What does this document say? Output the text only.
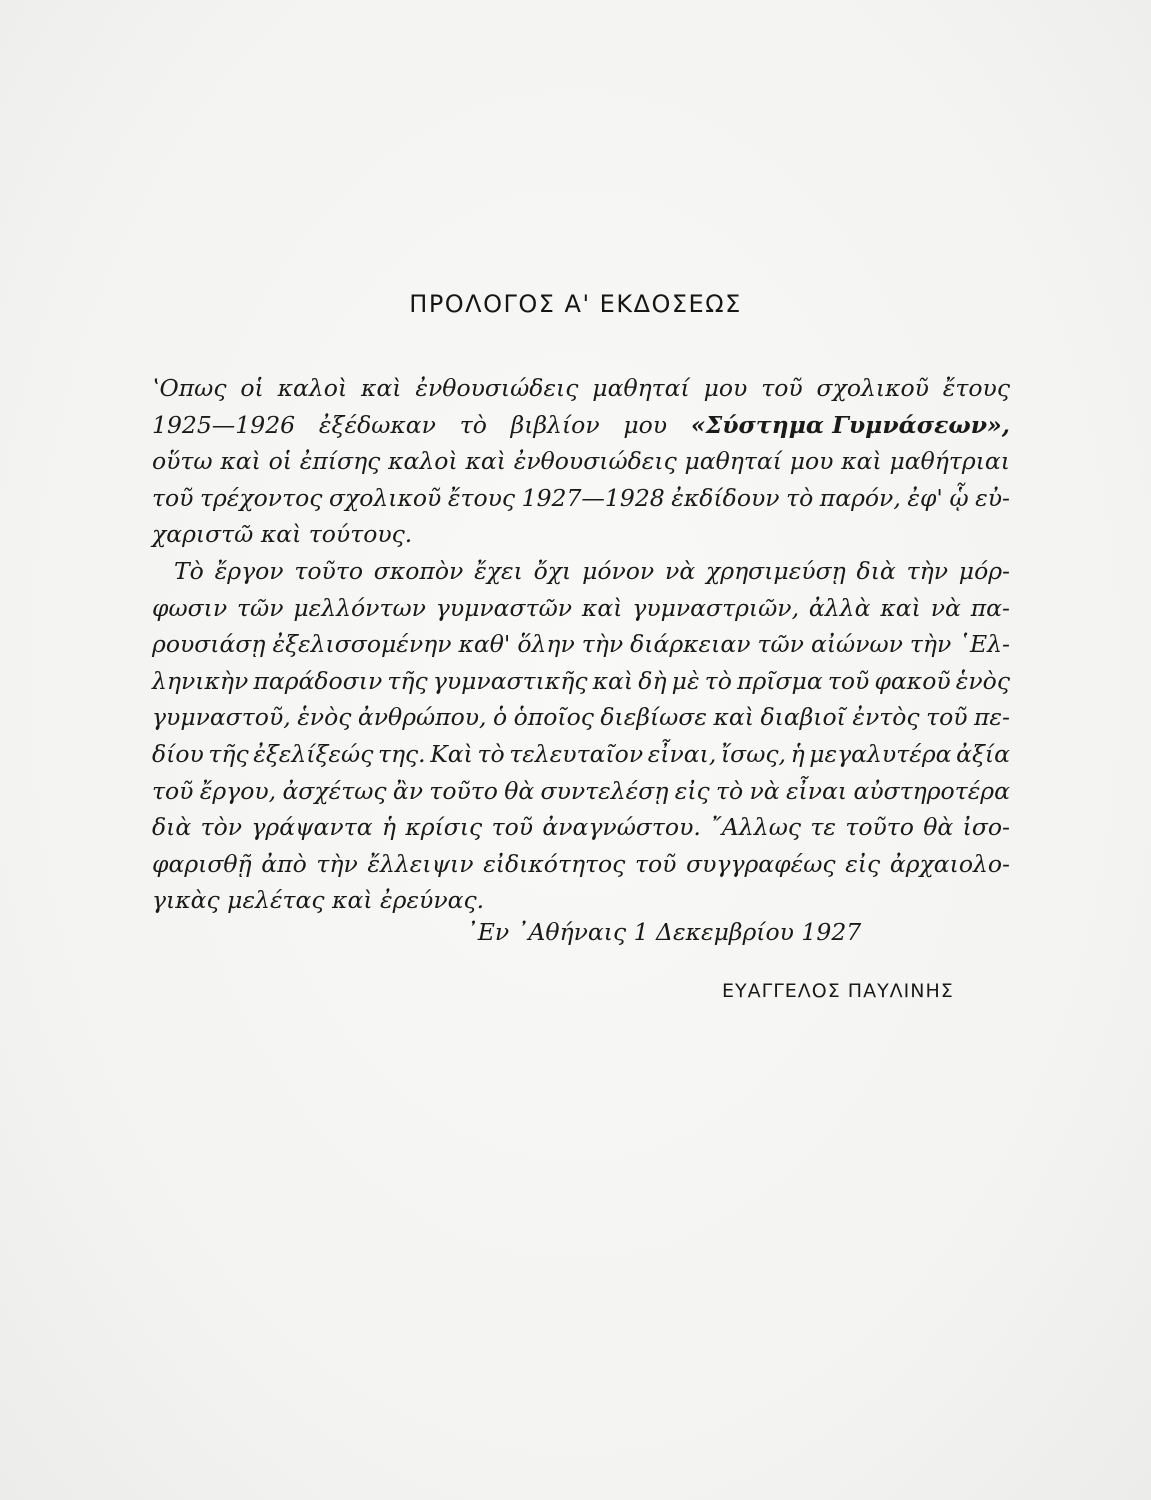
ΠΡΟΛΟΓΟΣ Α' ΕΚΔΟΣΕΩΣ
ʽΟπως οἱ καλοὶ καὶ ἐνθουσιώδεις μαθηταί μου τοῦ σχολικοῦ ἔτους
1925—1926 ἐξέδωκαν τὸ βιβλίον μου «Σύστημα Γυμνάσεων»,
οὕτω καὶ οἱ ἐπίσης καλοὶ καὶ ἐνθουσιώδεις μαθηταί μου καὶ μαθήτριαι
τοῦ τρέχοντος σχολικοῦ ἔτους 1927—1928 ἐκδίδουν τὸ παρόν, ἐφ' ᾧ εὐ-
χαριστῶ καὶ τούτους.
Τὸ ἔργον τοῦτο σκοπὸν ἔχει ὄχι μόνον νὰ χρησιμεύσῃ διὰ τὴν μόρ-
φωσιν τῶν μελλόντων γυμναστῶν καὶ γυμναστριῶν, ἀλλὰ καὶ νὰ πα-
ρουσιάσῃ ἐξελισσομένην καθ' ὅλην τὴν διάρκειαν τῶν αἰώνων τὴν ῾Ελ-
ληνικὴν παράδοσιν τῆς γυμναστικῆς καὶ δὴ μὲ τὸ πρῖσμα τοῦ φακοῦ ἑνὸς
γυμναστοῦ, ἑνὸς ἀνθρώπου, ὁ ὁποῖος διεβίωσε καὶ διαβιοῖ ἐντὸς τοῦ πε-
δίου τῆς ἐξελίξεώς της. Καὶ τὸ τελευταῖον εἶναι, ἴσως, ἡ μεγαλυτέρα ἀξία
τοῦ ἔργου, ἀσχέτως ἂν τοῦτο θὰ συντελέσῃ εἰς τὸ νὰ εἶναι αὐστηροτέρα
διὰ τὸν γράψαντα ἡ κρίσις τοῦ ἀναγνώστου. ῎Αλλως τε τοῦτο θὰ ἰσο-
φαρισθῇ ἀπὸ τὴν ἔλλειψιν εἰδικότητος τοῦ συγγραφέως εἰς ἀρχαιολο-
γικὰς μελέτας καὶ ἐρεύνας.
᾿Εν ᾿Αθήναις 1 Δεκεμβρίου 1927
ΕΥΑΓΓΕΛΟΣ ΠΑΥΛΙΝΗΣ
